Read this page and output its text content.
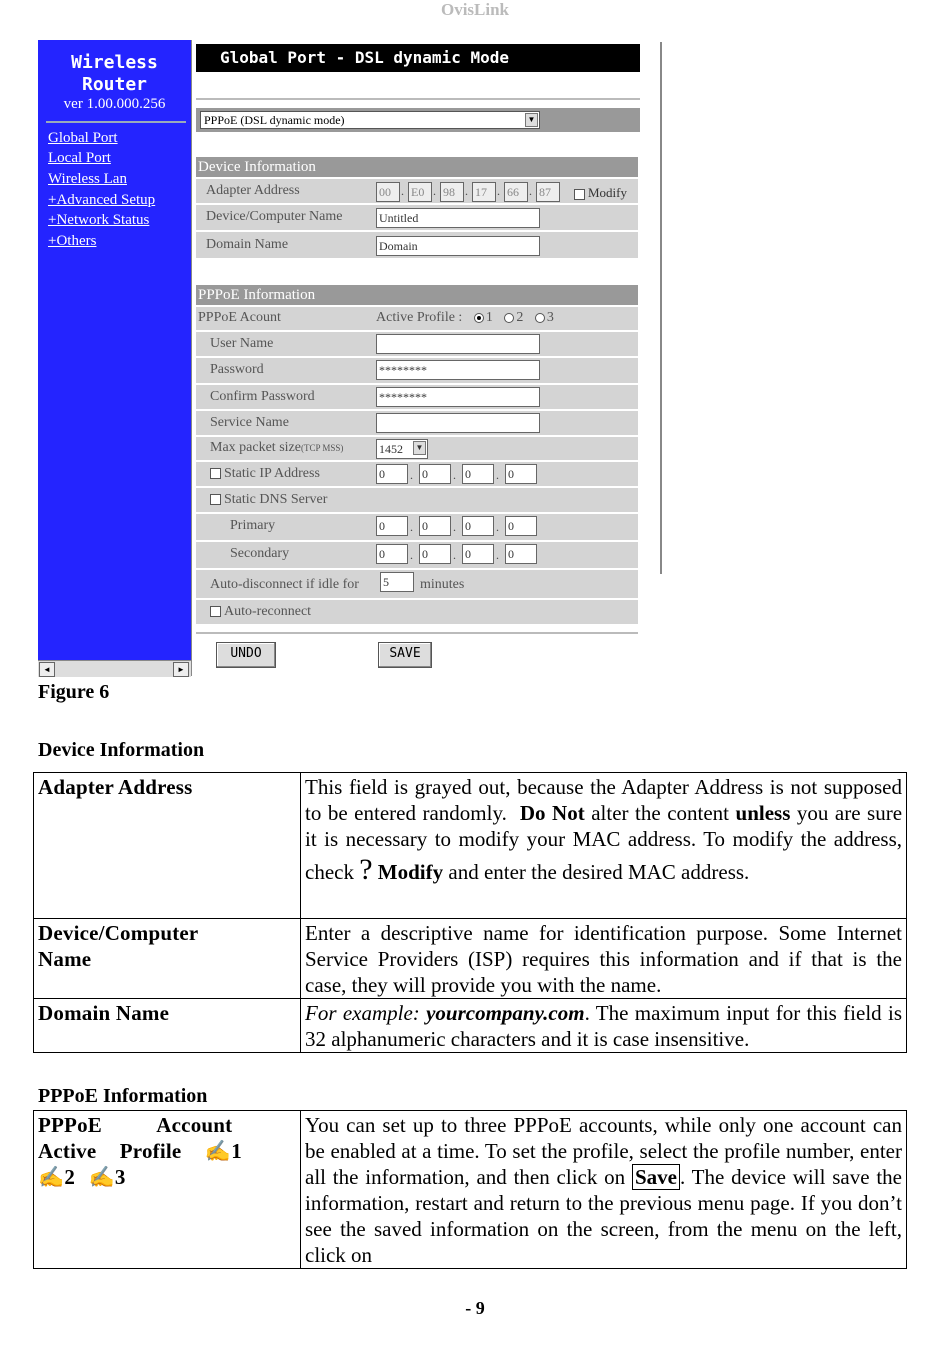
OvisLink
Wireless
Router
ver 1.00.000.256
Global Port
Local Port
Wireless Lan
+Advanced Setup
+Network Status
+Others
◄	►
Global Port - DSL dynamic Mode
PPPoE (DSL dynamic mode)	▼
Device Information
Adapter Address	00 . E0 . 98 . 17 . 66 . 87	Modify
Device/Computer Name	Untitled
Domain Name	Domain
PPPoE Information
PPPoE Acount	Active Profile : 1 2 3
User Name
Password	********
Confirm Password	********
Service Name
Max packet size(TCP MSS)	1452	▼
Static IP Address	0	. 0	. 0	. 0
Static DNS Server
Primary	0	. 0	. 0	. 0
Secondary	0	. 0	. 0	. 0
Auto-disconnect if idle for 5	minutes
Auto-reconnect
UNDO	SAVE
Figure 6
Device Information
Adapter Address	This field is grayed out, because the Adapter Address is not supposed to be entered randomly. Do Not alter the content unless you are sure it is necessary to modify your MAC address. To modify the address, check ? Modify and enter the desired MAC address.
Device/Computer
Name	Enter a descriptive name for identification purpose. Some Internet Service Providers (ISP) requires this information and if that is the case, they will provide you with the name.
Domain Name	For example: yourcompany.com. The maximum input for this field is 32 alphanumeric characters and it is case insensitive.
PPPoE Information
PPPoE Account
Active Profile ✍1
✍2 ✍3	You can set up to three PPPoE accounts, while only one account can be enabled at a time. To set the profile, select the profile number, enter all the information, and then click on Save . The device will save the information, restart and return to the previous menu page. If you don’t see the saved information on the screen, from the menu on the left, click on
- 9
